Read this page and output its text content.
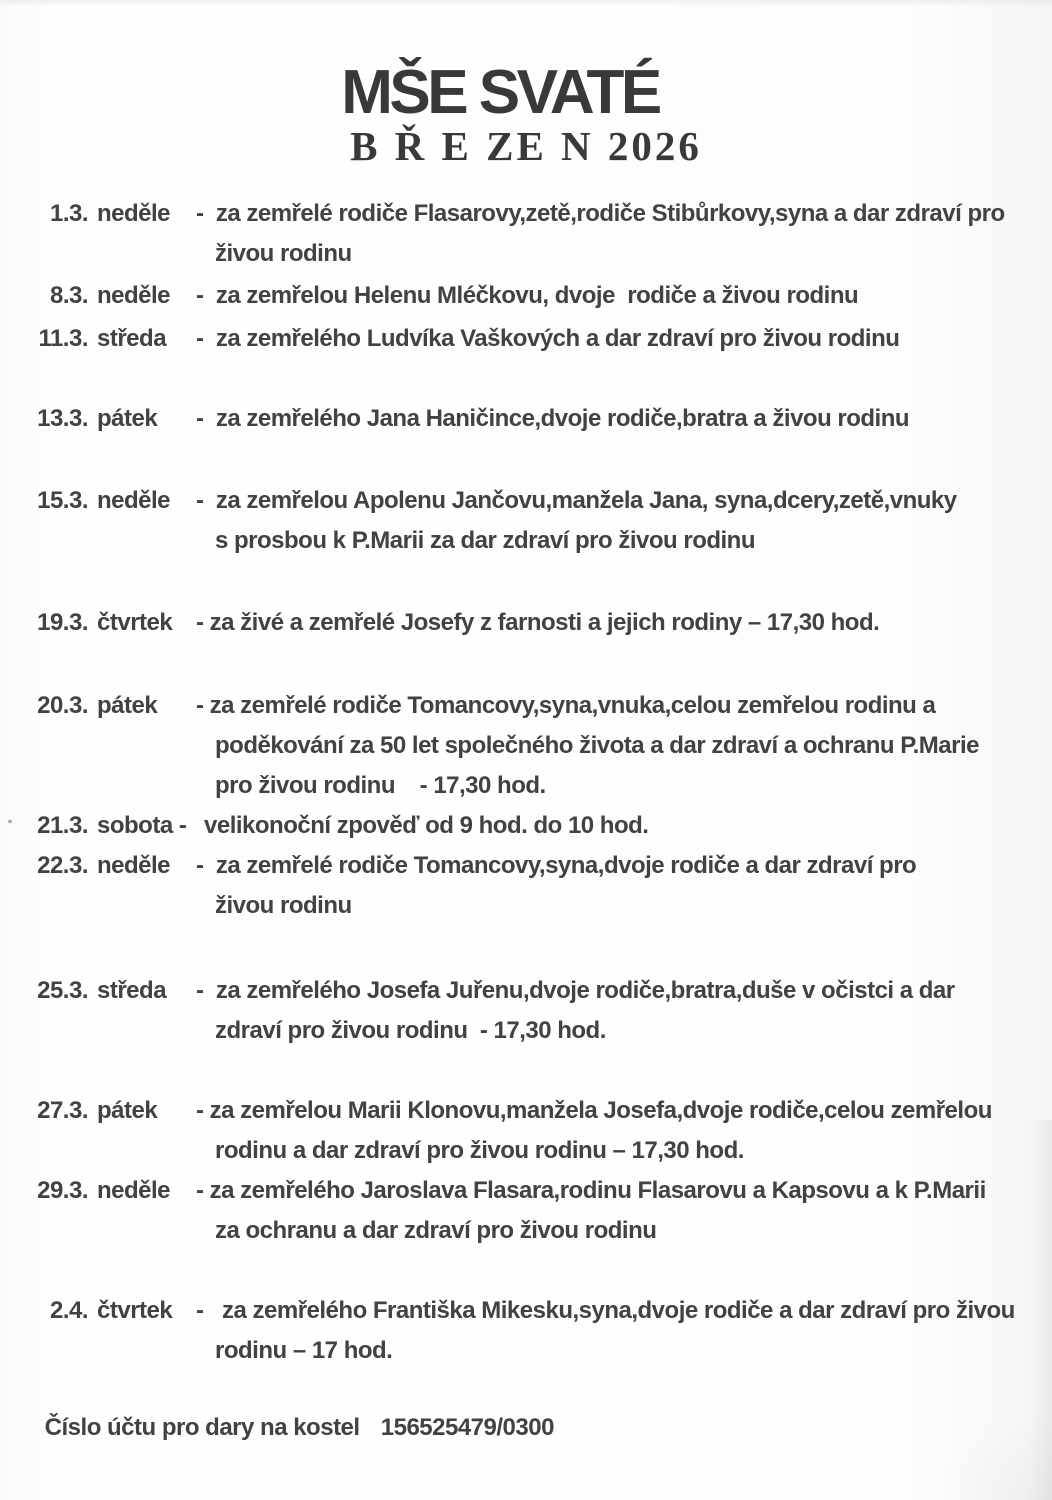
MŠE SVATÉ
B Ř E ZE N 2026
1.3. neděle -  za zemřelé rodiče Flasarovy,zetě,rodiče Stibůrkovy,syna a dar zdraví pro
živou rodinu
8.3. neděle -  za zemřelou Helenu Mléčkovu, dvoje  rodiče a živou rodinu
11.3. středa -  za zemřelého Ludvíka Vaškových a dar zdraví pro živou rodinu
13.3. pátek -  za zemřelého Jana Haničince,dvoje rodiče,bratra a živou rodinu
15.3. neděle -  za zemřelou Apolenu Jančovu,manžela Jana, syna,dcery,zetě,vnuky
s prosbou k P.Marii za dar zdraví pro živou rodinu
19.3. čtvrtek - za živé a zemřelé Josefy z farnosti a jejich rodiny – 17,30 hod.
20.3. pátek - za zemřelé rodiče Tomancovy,syna,vnuka,celou zemřelou rodinu a
poděkování za 50 let společného života a dar zdraví a ochranu P.Marie
pro živou rodinu    - 17,30 hod.
21.3. sobota - velikonoční zpověď od 9 hod. do 10 hod.
22.3. neděle -  za zemřelé rodiče Tomancovy,syna,dvoje rodiče a dar zdraví pro
živou rodinu
25.3. středa -  za zemřelého Josefa Juřenu,dvoje rodiče,bratra,duše v očistci a dar
zdraví pro živou rodinu  - 17,30 hod.
27.3. pátek - za zemřelou Marii Klonovu,manžela Josefa,dvoje rodiče,celou zemřelou
rodinu a dar zdraví pro živou rodinu – 17,30 hod.
29.3. neděle - za zemřelého Jaroslava Flasara,rodinu Flasarovu a Kapsovu a k P.Marii
za ochranu a dar zdraví pro živou rodinu
2.4. čtvrtek -   za zemřelého Františka Mikesku,syna,dvoje rodiče a dar zdraví pro živou
rodinu – 17 hod.

Číslo účtu pro dary na kostel 156525479/0300
